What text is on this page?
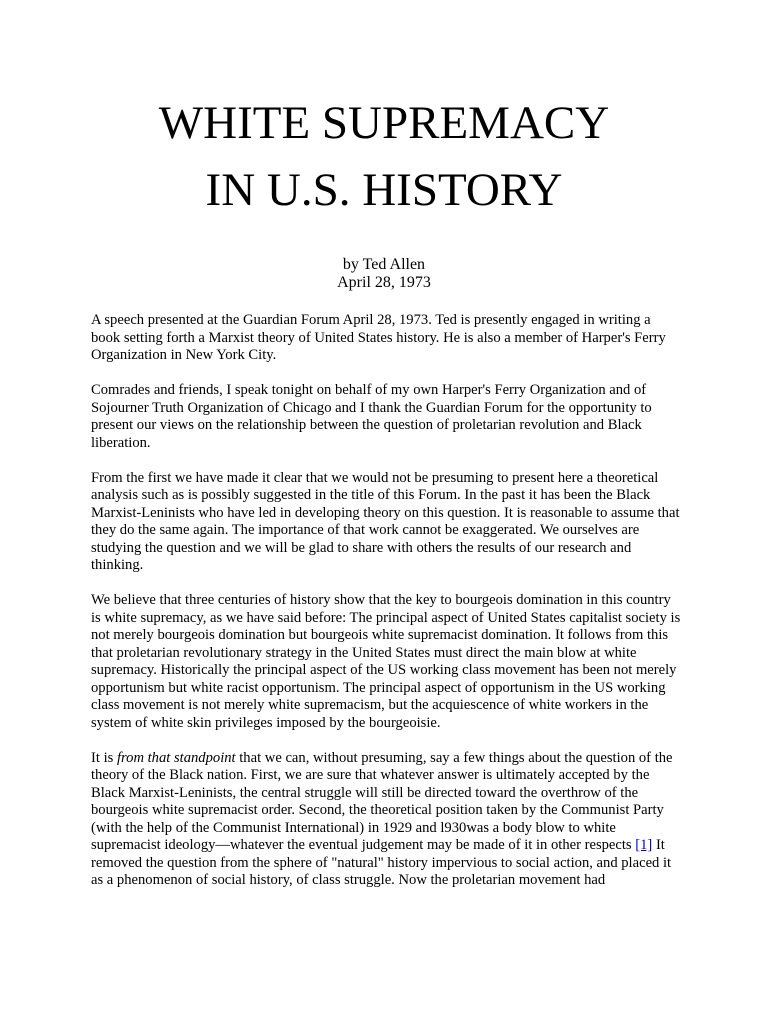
WHITE SUPREMACY
IN U.S. HISTORY
by Ted Allen
April 28, 1973

A speech presented at the Guardian Forum April 28, 1973. Ted is presently engaged in writing a book setting forth a Marxist theory of United States history. He is also a member of Harper's Ferry Organization in New York City.

Comrades and friends, I speak tonight on behalf of my own Harper's Ferry Organization and of Sojourner Truth Organization of Chicago and I thank the Guardian Forum for the opportunity to present our views on the relationship between the question of proletarian revolution and Black liberation.

From the first we have made it clear that we would not be presuming to present here a theoretical analysis such as is possibly suggested in the title of this Forum. In the past it has been the Black Marxist-Leninists who have led in developing theory on this question. It is reasonable to assume that they do the same again. The importance of that work cannot be exaggerated. We ourselves are studying the question and we will be glad to share with others the results of our research and thinking.

We believe that three centuries of history show that the key to bourgeois domination in this country is white supremacy, as we have said before: The principal aspect of United States capitalist society is not merely bourgeois domination but bourgeois white supremacist domination. It follows from this that proletarian revolutionary strategy in the United States must direct the main blow at white supremacy. Historically the principal aspect of the US working class movement has been not merely opportunism but white racist opportunism. The principal aspect of opportunism in the US working class movement is not merely white supremacism, but the acquiescence of white workers in the system of white skin privileges imposed by the bourgeoisie.

It is from that standpoint that we can, without presuming, say a few things about the question of the theory of the Black nation. First, we are sure that whatever answer is ultimately accepted by the Black Marxist-Leninists, the central struggle will still be directed toward the overthrow of the bourgeois white supremacist order. Second, the theoretical position taken by the Communist Party (with the help of the Communist International) in 1929 and l930was a body blow to white supremacist ideology—whatever the eventual judgement may be made of it in other respects [1] It removed the question from the sphere of "natural" history impervious to social action, and placed it as a phenomenon of social history, of class struggle. Now the proletarian movement had
